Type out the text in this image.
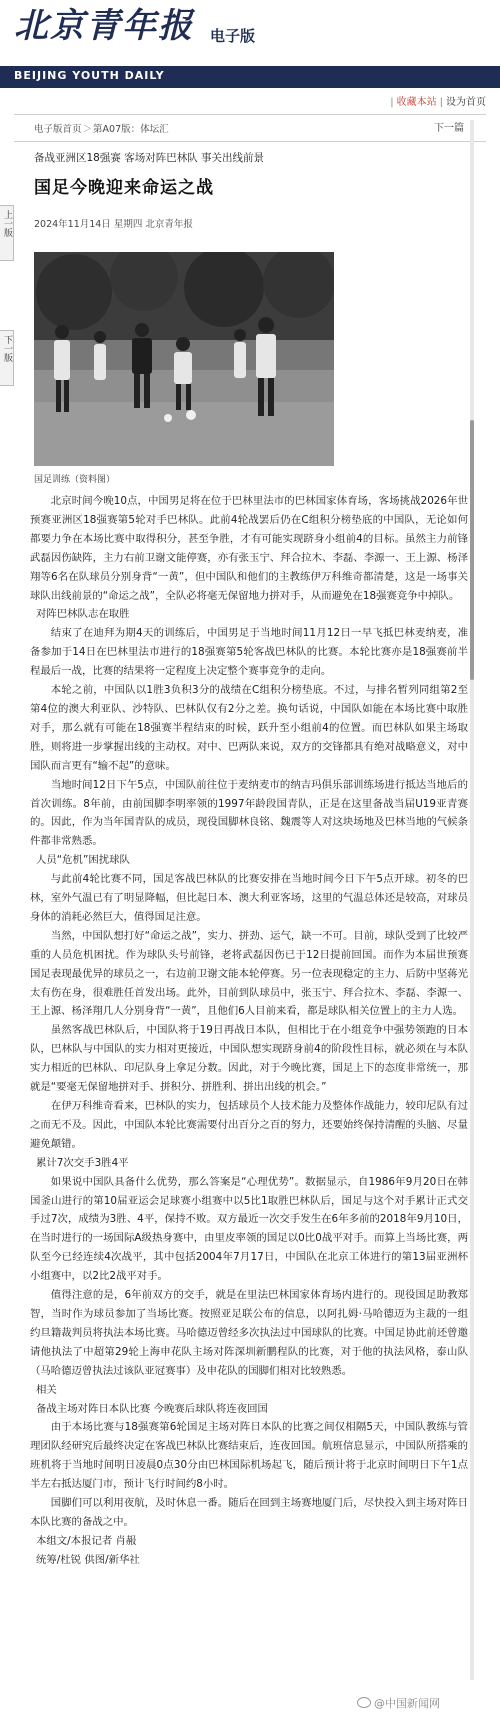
北京青年报 电子版
BEIJING YOUTH DAILY
| 收藏本站 | 设为首页
电子版首页＞第A07版：体坛汇	下一篇
上一版
下一版
备战亚洲区18强赛 客场对阵巴林队 事关出线前景
国足今晚迎来命运之战
2024年11月14日 星期四 北京青年报
国足训练（资料图）

北京时间今晚10点，中国男足将在位于巴林里法市的巴林国家体育场，客场挑战2026年世预赛亚洲区18强赛第5轮对手巴林队。此前4轮战罢后仍在C组积分榜垫底的中国队，无论如何都要力争在本场比赛中取得积分，甚至争胜，才有可能实现跻身小组前4的目标。虽然主力前锋武磊因伤缺阵，主力右前卫谢文能停赛，亦有张玉宁、拜合拉木、李磊、李源一、王上源、杨泽翔等6名在队球员分别身背“一黄”，但中国队和他们的主教练伊万科维奇都清楚，这是一场事关球队出线前景的“命运之战”，全队必将毫无保留地力拼对手，从而避免在18强赛竞争中掉队。

对阵巴林队志在取胜

结束了在迪拜为期4天的训练后，中国男足于当地时间11月12日一早飞抵巴林麦纳麦，准备参加于14日在巴林里法市进行的18强赛第5轮客战巴林队的比赛。本轮比赛亦是18强赛前半程最后一战，比赛的结果将一定程度上决定整个赛事竞争的走向。

本轮之前，中国队以1胜3负积3分的战绩在C组积分榜垫底。不过，与排名暂列同组第2至第4位的澳大利亚队、沙特队、巴林队仅有2分之差。换句话说，中国队如能在本场比赛中取胜对手，那么就有可能在18强赛半程结束的时候，跃升至小组前4的位置。而巴林队如果主场取胜，则将进一步掌握出线的主动权。对中、巴两队来说，双方的交锋都具有绝对战略意义，对中国队而言更有“输不起”的意味。

当地时间12日下午5点，中国队前往位于麦纳麦市的纳吉玛俱乐部训练场进行抵达当地后的首次训练。8年前，由前国脚李明率领的1997年龄段国青队，正是在这里备战当届U19亚青赛的。因此，作为当年国青队的成员，现役国脚林良铭、魏震等人对这块场地及巴林当地的气候条件都非常熟悉。

人员“危机”困扰球队

与此前4轮比赛不同，国足客战巴林队的比赛安排在当地时间今日下午5点开球。初冬的巴林，室外气温已有了明显降幅，但比起日本、澳大利亚客场，这里的气温总体还是较高，对球员身体的消耗必然巨大，值得国足注意。

当然，中国队想打好“命运之战”，实力、拼劲、运气，缺一不可。目前，球队受到了比较严重的人员危机困扰。作为球队头号前锋，老将武磊因伤已于12日提前回国。而作为本届世预赛国足表现最优异的球员之一，右边前卫谢文能本轮停赛。另一位表现稳定的主力、后防中坚蒋光太有伤在身，很难胜任首发出场。此外，目前到队球员中，张玉宁、拜合拉木、李磊、李源一、王上源、杨泽翔几人分别身背“一黄”，且他们6人目前来看，都是球队相关位置上的主力人选。

虽然客战巴林队后，中国队将于19日再战日本队，但相比于在小组竞争中强势领跑的日本队，巴林队与中国队的实力相对更接近，中国队想实现跻身前4的阶段性目标，就必须在与本队实力相近的巴林队、印尼队身上拿足分数。因此，对于今晚比赛，国足上下的态度非常统一，那就是“要毫无保留地拼对手、拼积分、拼胜利、拼出出线的机会。”

在伊万科维奇看来，巴林队的实力，包括球员个人技术能力及整体作战能力，较印尼队有过之而无不及。因此，中国队本轮比赛需要付出百分之百的努力，还要始终保持清醒的头脑、尽量避免颠错。

累计7次交手3胜4平

如果说中国队具备什么优势，那么答案是“心理优势”。数据显示，自1986年9月20日在韩国釜山进行的第10届亚运会足球赛小组赛中以5比1取胜巴林队后，国足与这个对手累计正式交手过7次，成绩为3胜、4平，保持不败。双方最近一次交手发生在6年多前的2018年9月10日，在当时进行的一场国际A级热身赛中，由里皮率领的国足以0比0战平对手。而算上当场比赛，两队至今已经连续4次战平，其中包括2004年7月17日，中国队在北京工体进行的第13届亚洲杯小组赛中，以2比2战平对手。

值得注意的是，6年前双方的交手，就是在里法巴林国家体育场内进行的。现役国足助教郑智，当时作为球员参加了当场比赛。按照亚足联公布的信息，以阿扎姆·马哈德迈为主裁的一组约旦籍裁判员将执法本场比赛。马哈德迈曾经多次执法过中国球队的比赛。中国足协此前还曾邀请他执法了中超第29轮上海申花队主场对阵深圳新鹏程队的比赛，对于他的执法风格，泰山队（马哈德迈曾执法过该队亚冠赛事）及申花队的国脚们相对比较熟悉。

相关

备战主场对阵日本队比赛 今晚赛后球队将连夜回国

由于本场比赛与18强赛第6轮国足主场对阵日本队的比赛之间仅相隔5天，中国队教练与管理团队经研究后最终决定在客战巴林队比赛结束后，连夜回国。航班信息显示，中国队所搭乘的班机将于当地时间明日凌晨0点30分由巴林国际机场起飞，随后预计将于北京时间明日下午1点半左右抵达厦门市，预计飞行时间约8小时。

国脚们可以利用夜航，及时休息一番。随后在回到主场赛地厦门后，尽快投入到主场对阵日本队比赛的备战之中。

本组文/本报记者 肖赧

统筹/杜锐 供图/新华社

@中国新闻网
